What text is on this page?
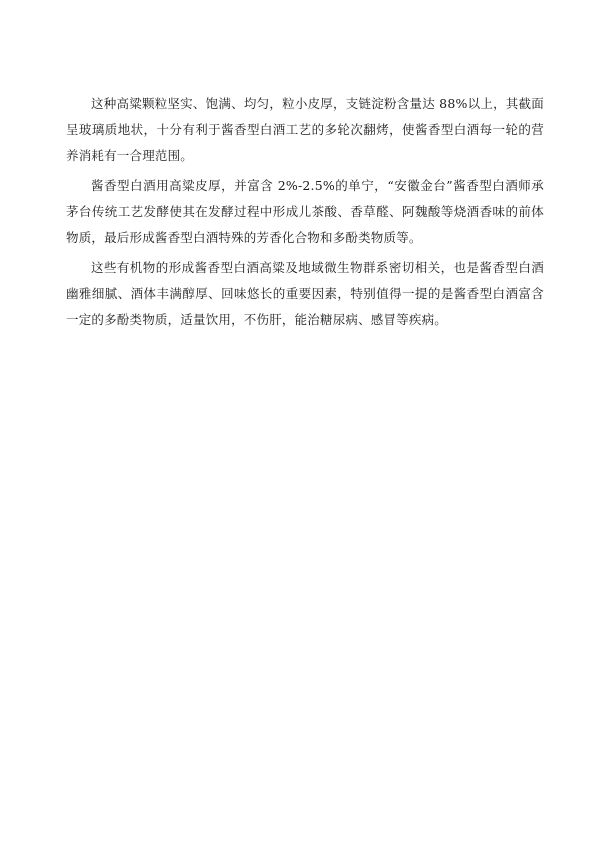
这种高粱颗粒坚实、饱满、均匀，粒小皮厚，支链淀粉含量达 88%以上，其截面呈玻璃质地状，十分有利于酱香型白酒工艺的多轮次翻烤，使酱香型白酒每一轮的营养消耗有一合理范围。

酱香型白酒用高粱皮厚，并富含 2%-2.5%的单宁，“安徽金台”酱香型白酒师承茅台传统工艺发酵使其在发酵过程中形成儿茶酸、香草醛、阿魏酸等烧酒香味的前体物质，最后形成酱香型白酒特殊的芳香化合物和多酚类物质等。

这些有机物的形成酱香型白酒高粱及地域微生物群系密切相关，也是酱香型白酒幽雅细腻、酒体丰满醇厚、回味悠长的重要因素，特别值得一提的是酱香型白酒富含一定的多酚类物质，适量饮用，不伤肝，能治糖尿病、感冒等疾病。
